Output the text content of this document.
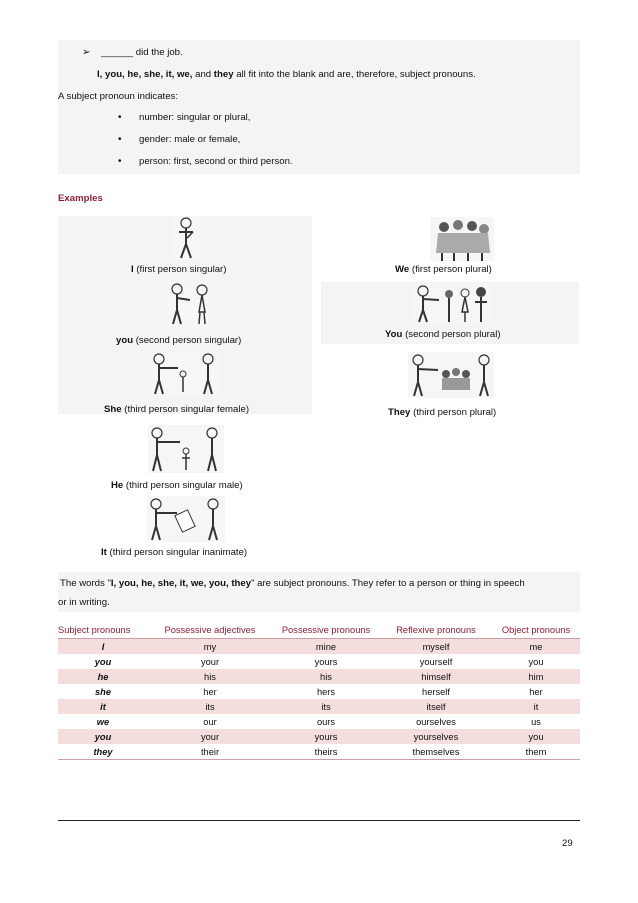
➢ ______ did the job.
I, you, he, she, it, we, and they all fit into the blank and are, therefore, subject pronouns.
A subject pronoun indicates:
• number: singular or plural,
• gender: male or female,
• person: first, second or third person.
Examples
I (first person singular)
you (second person singular)
She (third person singular female)
He (third person singular male)
It (third person singular inanimate)
We (first person plural)
You (second person plural)
They (third person plural)
The words "I, you, he, she, it, we, you, they" are subject pronouns. They refer to a person or thing in speech
or in writing.
Subject pronouns	Possessive adjectives	Possessive pronouns	Reflexive pronouns	Object pronouns
I	my	mine	myself	me
you	your	yours	yourself	you
he	his	his	himself	him
she	her	hers	herself	her
it	its	its	itself	it
we	our	ours	ourselves	us
you	your	yours	yourselves	you
they	their	theirs	themselves	them
29
